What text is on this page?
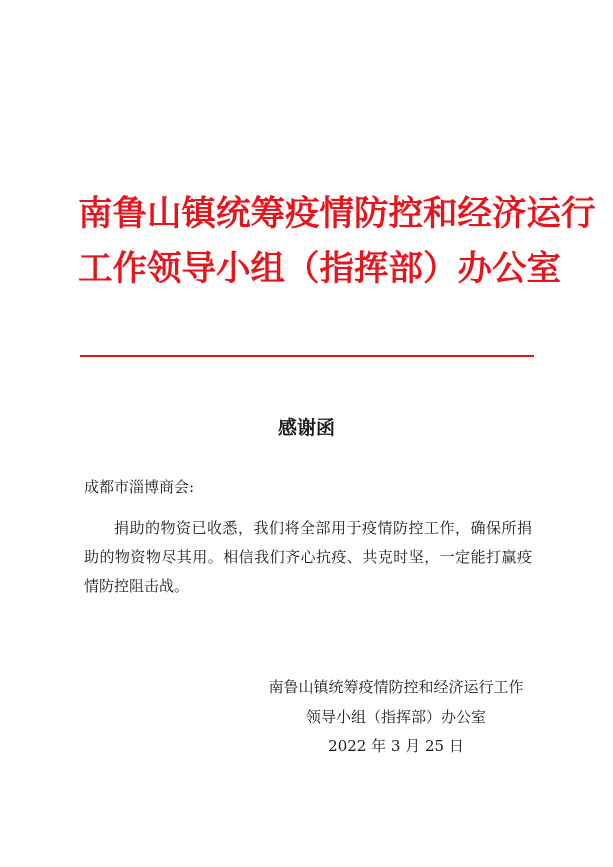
南鲁山镇统筹疫情防控和经济运行
工作领导小组（指挥部）办公室
感谢函
成都市淄博商会:

捐助的物资已收悉，我们将全部用于疫情防控工作，确保所捐助的物资物尽其用。相信我们齐心抗疫、共克时坚，一定能打赢疫情防控阻击战。

南鲁山镇统筹疫情防控和经济运行工作
领导小组（指挥部）办公室
2022 年 3 月 25 日
